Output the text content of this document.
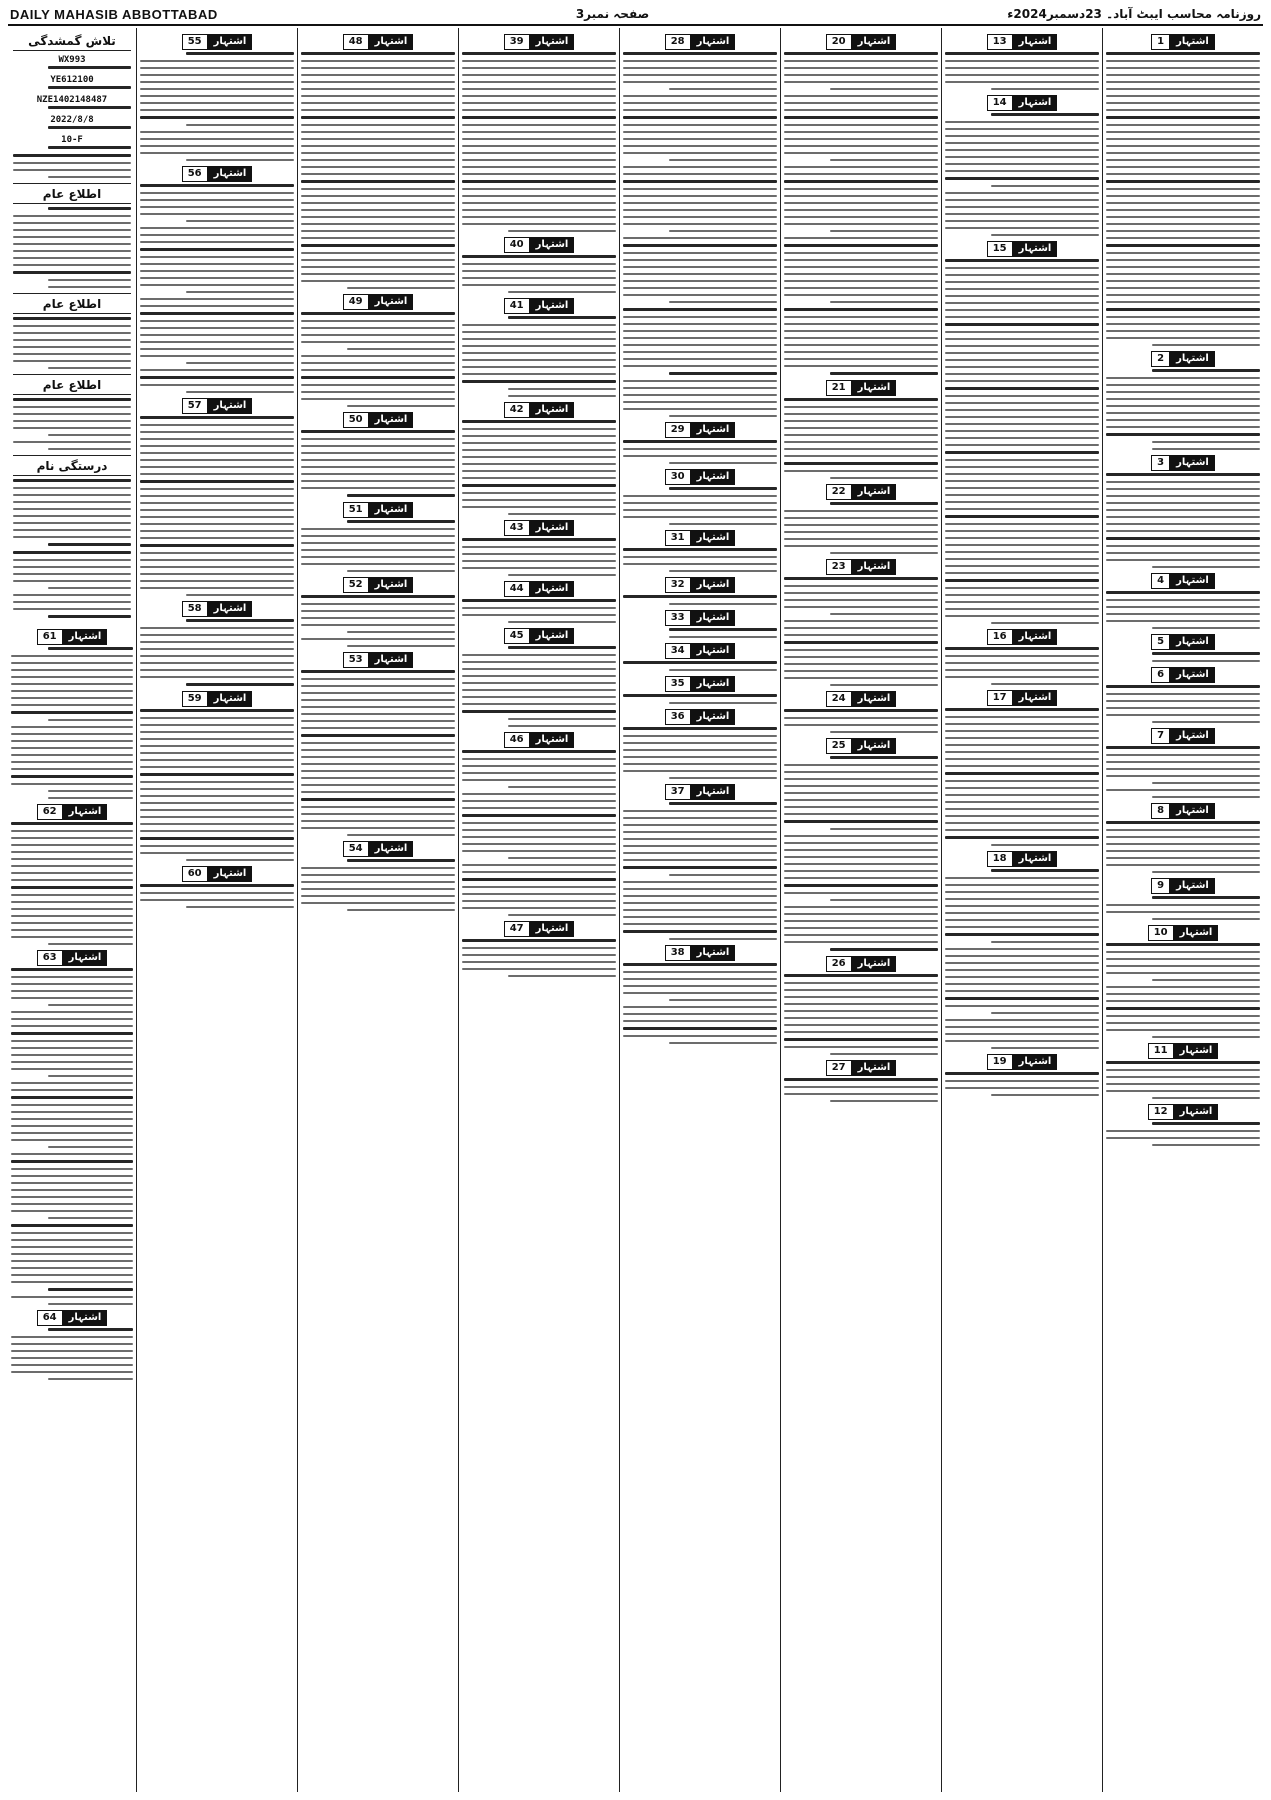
DAILY MAHASIB ABBOTTABAD	صفحہ نمبر3	روزنامہ محاسب ایبٹ آباد۔ 23دسمبر2024ء
تلاش گمشدگی
WX993
YE612100
NZE1402148487
2022/8/8
10-F
اطلاع عام
اطلاع عام
اطلاع عام
درستگی نام
اشتہار
61
اشتہار
62
اشتہار
63
اشتہار
64
اشتہار
55
اشتہار
56
اشتہار
57
اشتہار
58
اشتہار
59
اشتہار
60
اشتہار
48
اشتہار
49
اشتہار
50
اشتہار
51
اشتہار
52
اشتہار
53
اشتہار
54
اشتہار
39
اشتہار
40
اشتہار
41
اشتہار
42
اشتہار
43
اشتہار
44
اشتہار
45
اشتہار
46
اشتہار
47
اشتہار
28
اشتہار
29
اشتہار
30
اشتہار
31
اشتہار
32
اشتہار
33
اشتہار
34
اشتہار
35
اشتہار
36
اشتہار
37
اشتہار
38
اشتہار
20
اشتہار
21
اشتہار
22
اشتہار
23
اشتہار
24
اشتہار
25
اشتہار
26
اشتہار
27
اشتہار
13
اشتہار
14
اشتہار
15
اشتہار
16
اشتہار
17
اشتہار
18
اشتہار
19
اشتہار
1
اشتہار
2
اشتہار
3
اشتہار
4
اشتہار
5
اشتہار
6
اشتہار
7
اشتہار
8
اشتہار
9
اشتہار
10
اشتہار
11
اشتہار
12
